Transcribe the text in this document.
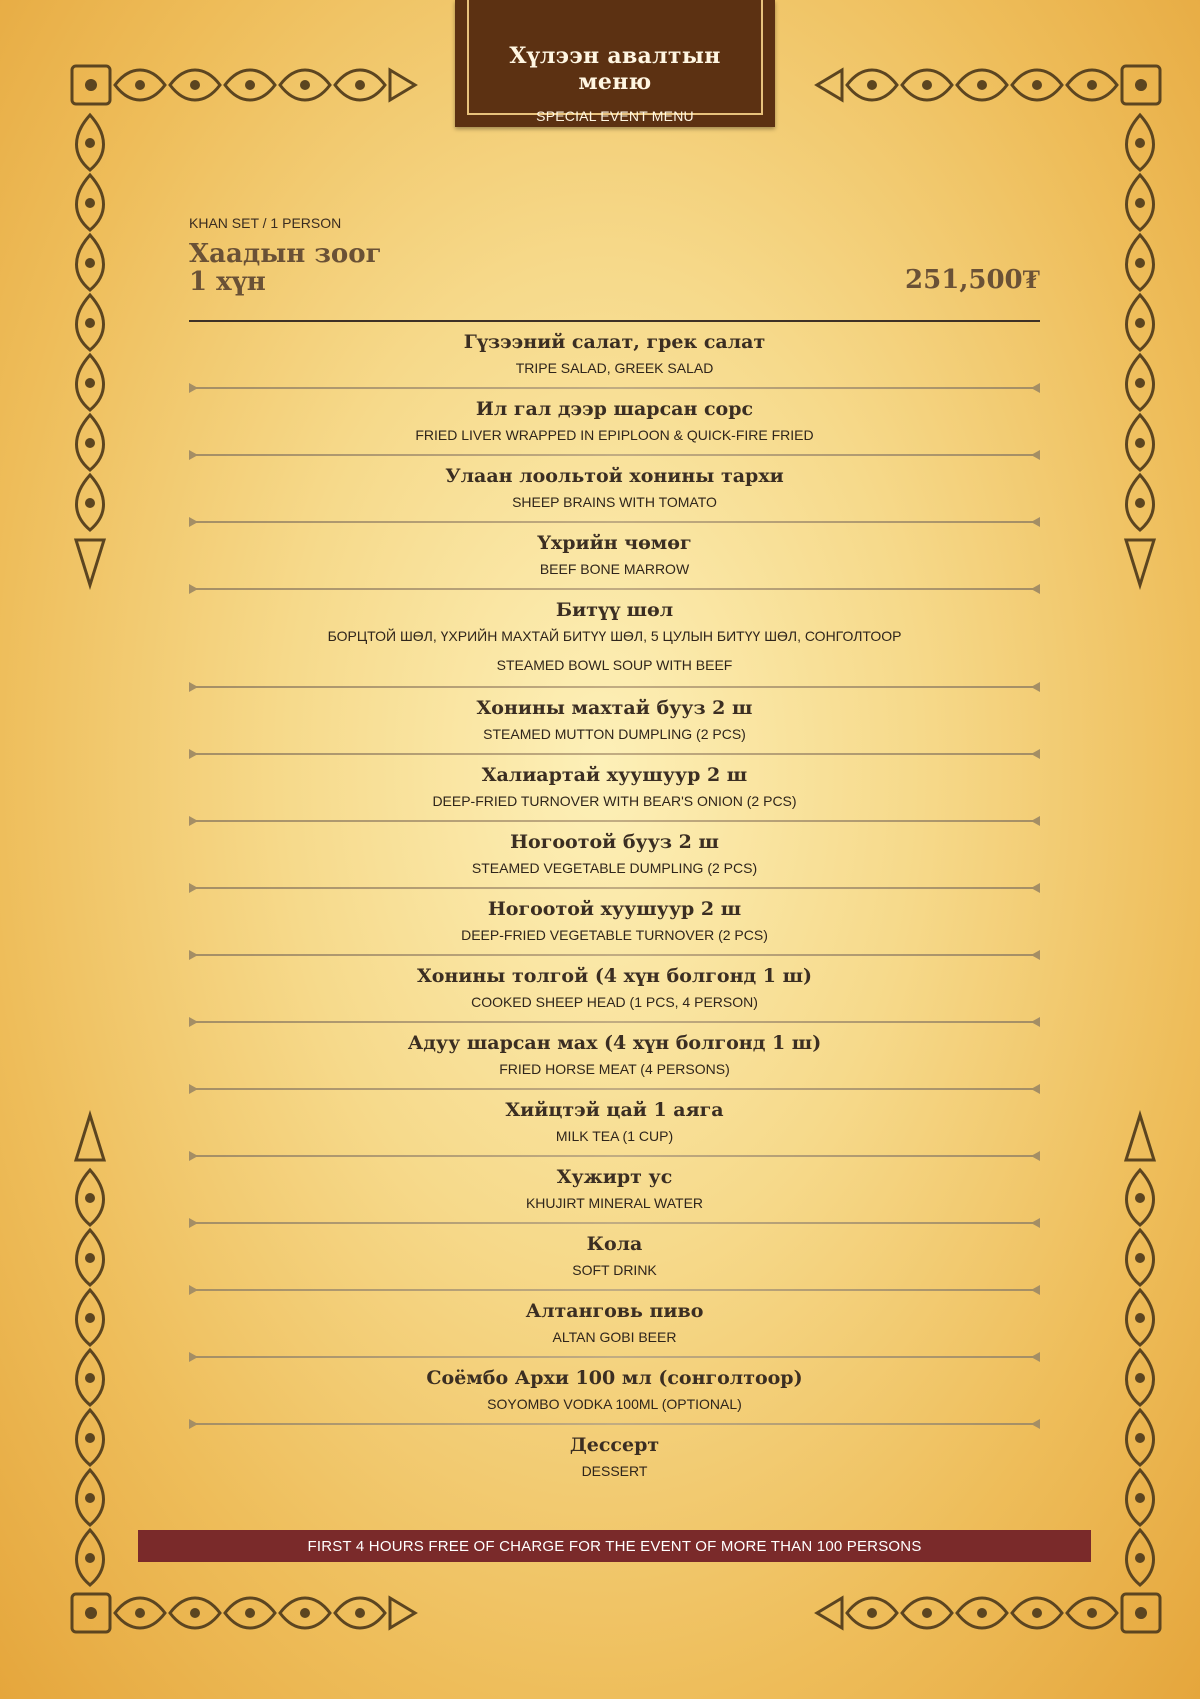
Хүлээн авалтын меню
SPECIAL EVENT MENU
KHAN SET / 1 PERSON
Хаадын зоог
1 хүн	251,500₮
Гүзээний салат, грек салат
TRIPE SALAD, GREEK SALAD
Ил гал дээр шарсан сорс
FRIED LIVER WRAPPED IN EPIPLOON & QUICK-FIRE FRIED
Улаан лоольтой хонины тархи
SHEEP BRAINS WITH TOMATO
Үхрийн чөмөг
BEEF BONE MARROW
Битүү шөл
БОРЦТОЙ ШӨЛ, ҮХРИЙН МАХТАЙ БИТҮҮ ШӨЛ, 5 ЦУЛЫН БИТҮҮ ШӨЛ, СОНГОЛТООР
STEAMED BOWL SOUP WITH BEEF
Хонины махтай бууз 2 ш
STEAMED MUTTON DUMPLING (2 PCS)
Халиартай хуушуур 2 ш
DEEP-FRIED TURNOVER WITH BEAR'S ONION (2 PCS)
Ногоотой бууз 2 ш
STEAMED VEGETABLE DUMPLING (2 PCS)
Ногоотой хуушуур 2 ш
DEEP-FRIED VEGETABLE TURNOVER (2 PCS)
Хонины толгой (4 хүн болгонд 1 ш)
COOKED SHEEP HEAD (1 PCS, 4 PERSON)
Адуу шарсан мах (4 хүн болгонд 1 ш)
FRIED HORSE MEAT (4 PERSONS)
Хийцтэй цай 1 аяга
MILK TEA (1 CUP)
Хужирт ус
KHUJIRT MINERAL WATER
Кола
SOFT DRINK
Алтанговь пиво
ALTAN GOBI BEER
Соёмбо Архи 100 мл (сонголтоор)
SOYOMBO VODKA 100ML (OPTIONAL)
Дессерт
DESSERT
FIRST 4 HOURS FREE OF CHARGE FOR THE EVENT OF MORE THAN 100 PERSONS
